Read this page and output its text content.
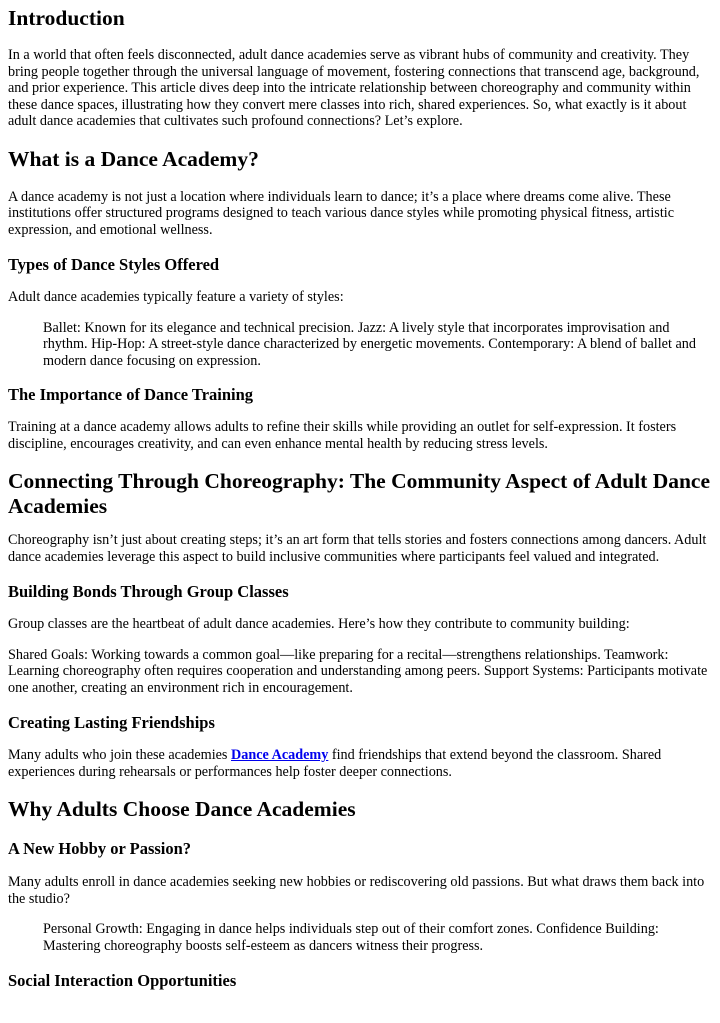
Introduction

In a world that often feels disconnected, adult dance academies serve as vibrant hubs of community and creativity. They bring people together through the universal language of movement, fostering connections that transcend age, background, and prior experience. This article dives deep into the intricate relationship between choreography and community within these dance spaces, illustrating how they convert mere classes into rich, shared experiences. So, what exactly is it about adult dance academies that cultivates such profound connections? Let’s explore.

What is a Dance Academy?

A dance academy is not just a location where individuals learn to dance; it’s a place where dreams come alive. These institutions offer structured programs designed to teach various dance styles while promoting physical fitness, artistic expression, and emotional wellness.

Types of Dance Styles Offered

Adult dance academies typically feature a variety of styles:

Ballet: Known for its elegance and technical precision. Jazz: A lively style that incorporates improvisation and rhythm. Hip-Hop: A street-style dance characterized by energetic movements. Contemporary: A blend of ballet and modern dance focusing on expression.
The Importance of Dance Training

Training at a dance academy allows adults to refine their skills while providing an outlet for self-expression. It fosters discipline, encourages creativity, and can even enhance mental health by reducing stress levels.

Connecting Through Choreography: The Community Aspect of Adult Dance Academies

Choreography isn’t just about creating steps; it’s an art form that tells stories and fosters connections among dancers. Adult dance academies leverage this aspect to build inclusive communities where participants feel valued and integrated.

Building Bonds Through Group Classes

Group classes are the heartbeat of adult dance academies. Here’s how they contribute to community building:

Shared Goals: Working towards a common goal—like preparing for a recital—strengthens relationships. Teamwork: Learning choreography often requires cooperation and understanding among peers. Support Systems: Participants motivate one another, creating an environment rich in encouragement.

Creating Lasting Friendships

Many adults who join these academies Dance Academy find friendships that extend beyond the classroom. Shared experiences during rehearsals or performances help foster deeper connections.

Why Adults Choose Dance Academies
A New Hobby or Passion?

Many adults enroll in dance academies seeking new hobbies or rediscovering old passions. But what draws them back into the studio?

Personal Growth: Engaging in dance helps individuals step out of their comfort zones. Confidence Building: Mastering choreography boosts self-esteem as dancers witness their progress.
Social Interaction Opportunities
